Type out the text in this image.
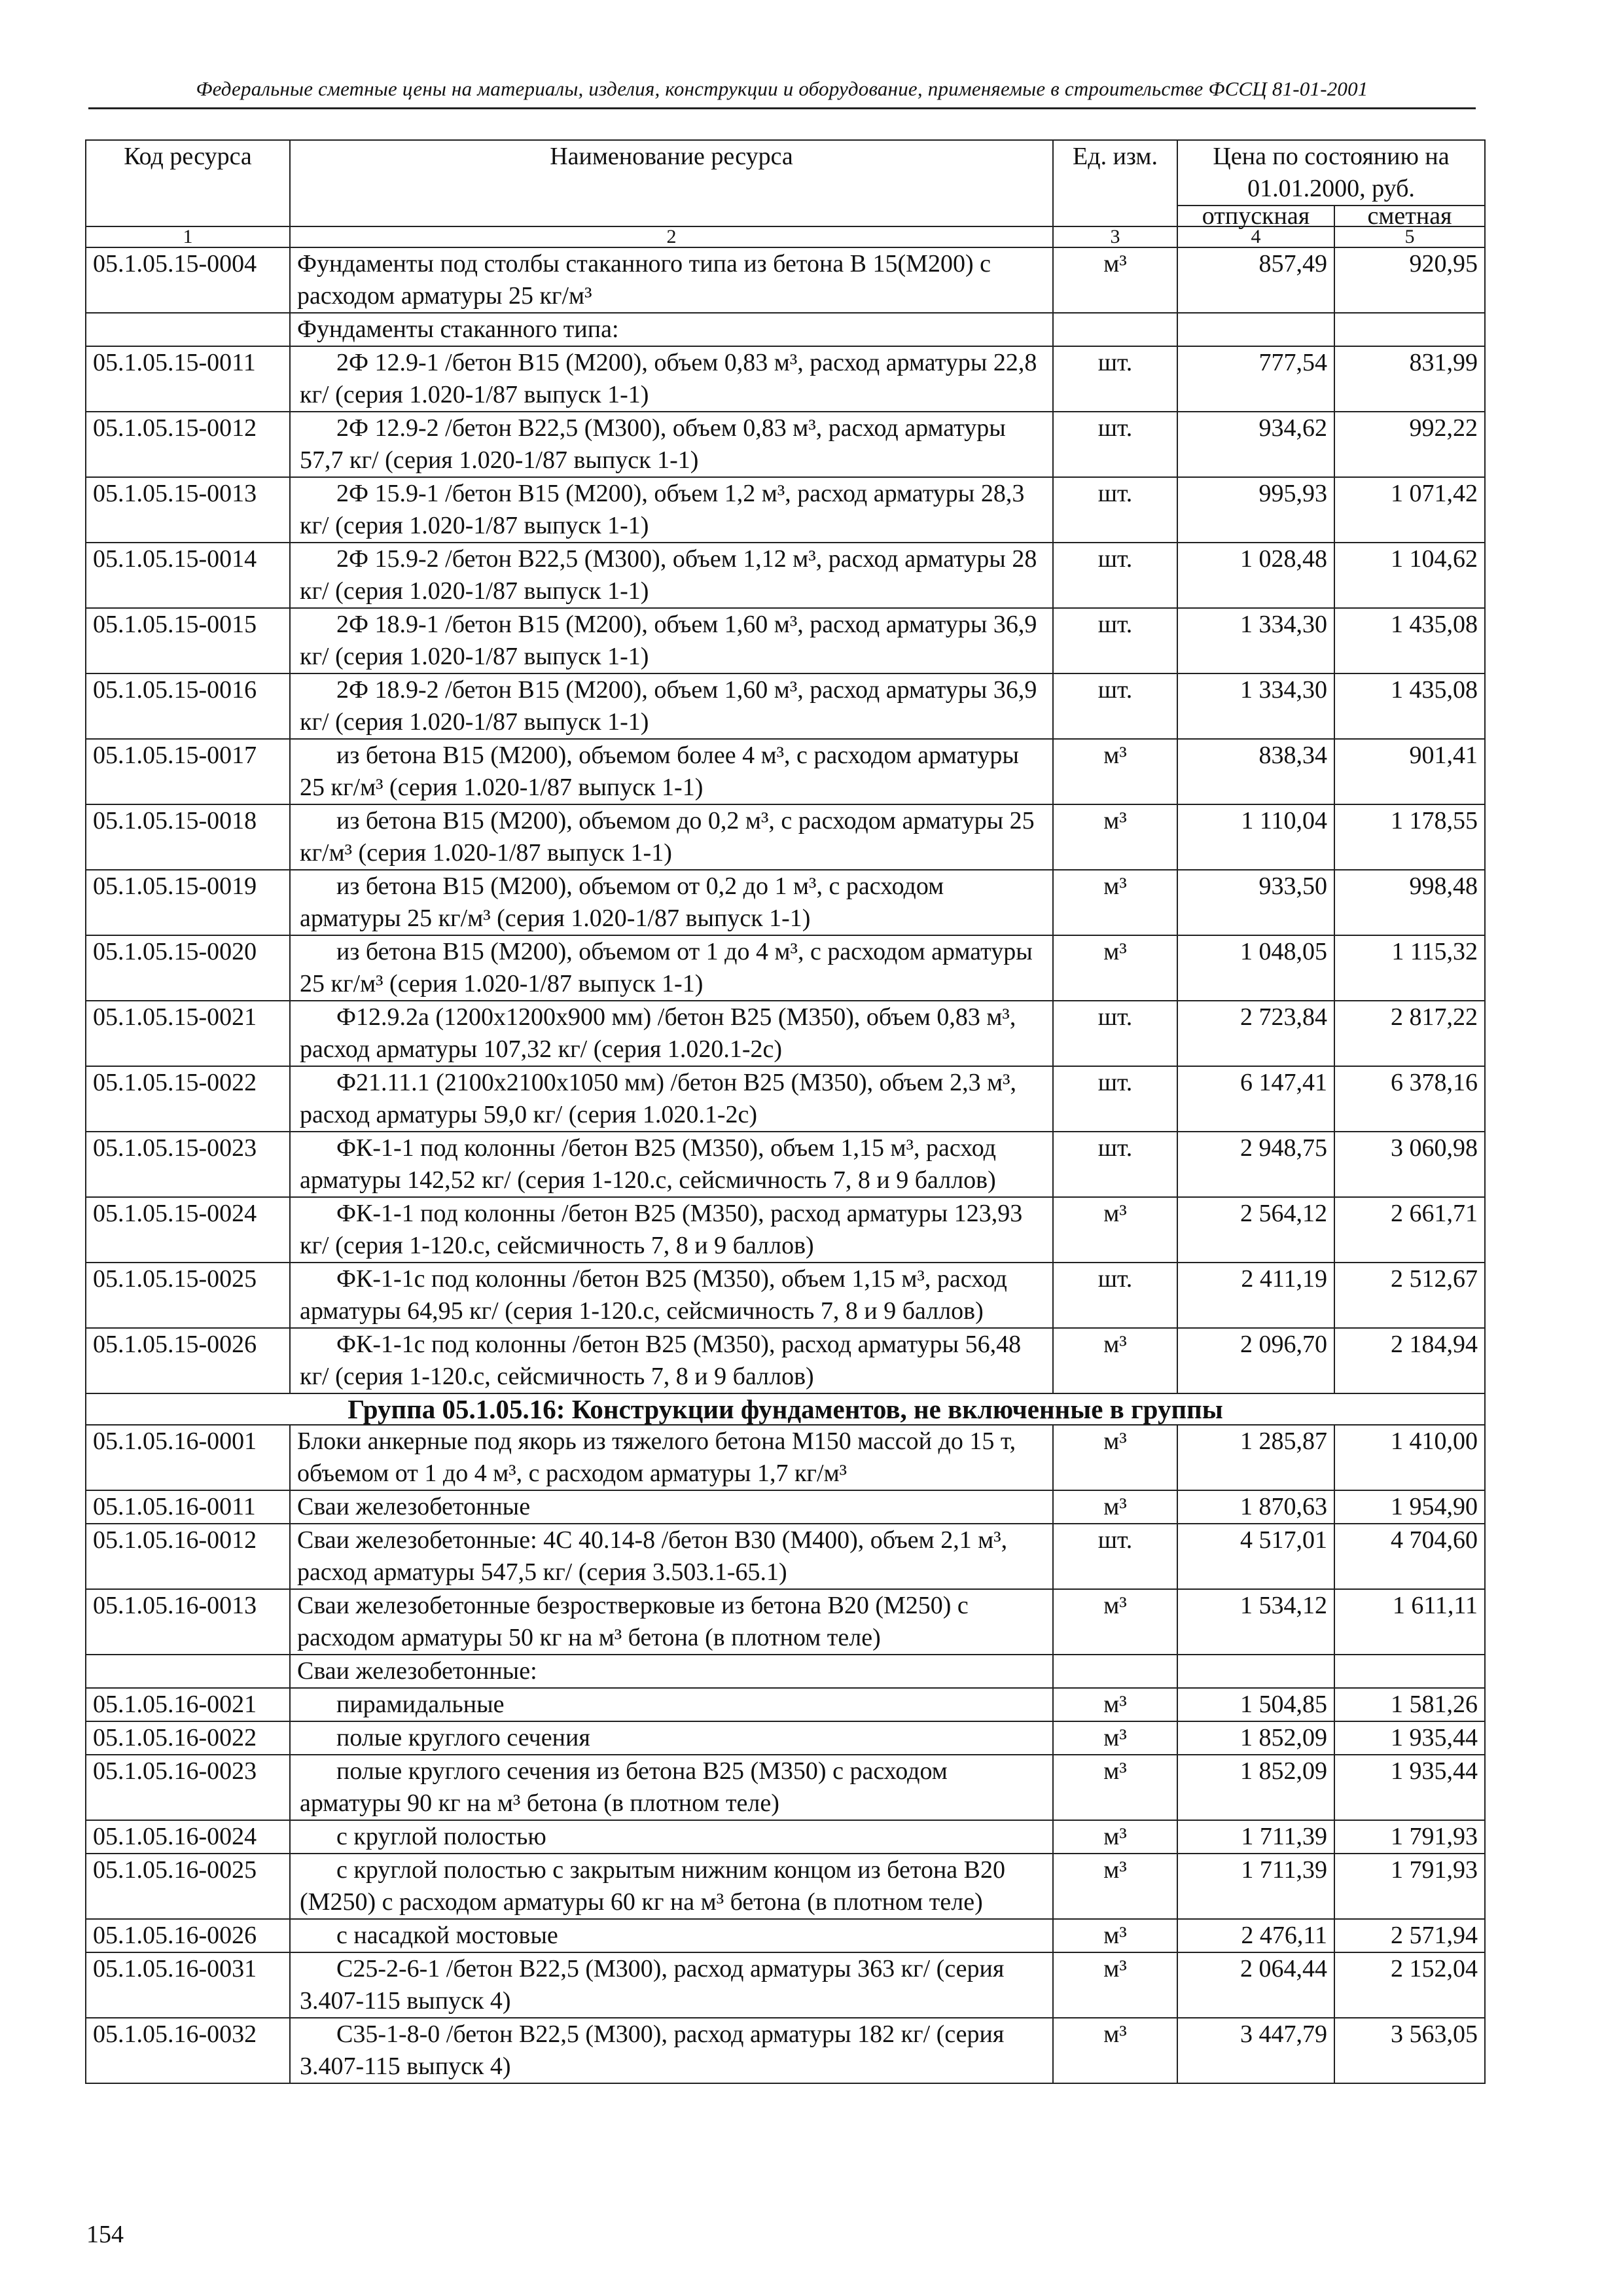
Федеральные сметные цены на материалы, изделия, конструкции и оборудование, применяемые в строительстве ФССЦ 81-01-2001
Код ресурса	Наименование ресурса	Ед. изм.	Цена по состоянию на 01.01.2000, руб.	
			отпускная	сметная
1	2	3	4	5
05.1.05.15-0004	Фундаменты под столбы стаканного типа из бетона В 15(М200) с расходом арматуры 25 кг/м³	м³	857,49	920,95
	Фундаменты стаканного типа:			
05.1.05.15-0011	2Ф 12.9-1 /бетон В15 (М200), объем 0,83 м³, расход арматуры 22,8 кг/ (серия 1.020-1/87 выпуск 1-1)	шт.	777,54	831,99
05.1.05.15-0012	2Ф 12.9-2 /бетон В22,5 (М300), объем 0,83 м³, расход арматуры 57,7 кг/ (серия 1.020-1/87 выпуск 1-1)	шт.	934,62	992,22
05.1.05.15-0013	2Ф 15.9-1 /бетон В15 (М200), объем 1,2 м³, расход арматуры 28,3 кг/ (серия 1.020-1/87 выпуск 1-1)	шт.	995,93	1 071,42
05.1.05.15-0014	2Ф 15.9-2 /бетон В22,5 (М300), объем 1,12 м³, расход арматуры 28 кг/ (серия 1.020-1/87 выпуск 1-1)	шт.	1 028,48	1 104,62
05.1.05.15-0015	2Ф 18.9-1 /бетон В15 (М200), объем 1,60 м³, расход арматуры 36,9 кг/ (серия 1.020-1/87 выпуск 1-1)	шт.	1 334,30	1 435,08
05.1.05.15-0016	2Ф 18.9-2 /бетон В15 (М200), объем 1,60 м³, расход арматуры 36,9 кг/ (серия 1.020-1/87 выпуск 1-1)	шт.	1 334,30	1 435,08
05.1.05.15-0017	из бетона В15 (М200), объемом более 4 м³, с расходом арматуры 25 кг/м³ (серия 1.020-1/87 выпуск 1-1)	м³	838,34	901,41
05.1.05.15-0018	из бетона В15 (М200), объемом до 0,2 м³, с расходом арматуры 25 кг/м³ (серия 1.020-1/87 выпуск 1-1)	м³	1 110,04	1 178,55
05.1.05.15-0019	из бетона В15 (М200), объемом от 0,2 до 1 м³, с расходом арматуры 25 кг/м³ (серия 1.020-1/87 выпуск 1-1)	м³	933,50	998,48
05.1.05.15-0020	из бетона В15 (М200), объемом от 1 до 4 м³, с расходом арматуры 25 кг/м³ (серия 1.020-1/87 выпуск 1-1)	м³	1 048,05	1 115,32
05.1.05.15-0021	Ф12.9.2а (1200x1200x900 мм) /бетон В25 (М350), объем 0,83 м³, расход арматуры 107,32 кг/ (серия 1.020.1-2с)	шт.	2 723,84	2 817,22
05.1.05.15-0022	Ф21.11.1 (2100x2100x1050 мм) /бетон В25 (М350), объем 2,3 м³, расход арматуры 59,0 кг/ (серия 1.020.1-2с)	шт.	6 147,41	6 378,16
05.1.05.15-0023	ФК-1-1 под колонны /бетон В25 (М350), объем 1,15 м³, расход арматуры 142,52 кг/ (серия 1-120.с, сейсмичность 7, 8 и 9 баллов)	шт.	2 948,75	3 060,98
05.1.05.15-0024	ФК-1-1 под колонны /бетон В25 (М350), расход арматуры 123,93 кг/ (серия 1-120.с, сейсмичность 7, 8 и 9 баллов)	м³	2 564,12	2 661,71
05.1.05.15-0025	ФК-1-1с под колонны /бетон В25 (М350), объем 1,15 м³, расход арматуры 64,95 кг/ (серия 1-120.с, сейсмичность 7, 8 и 9 баллов)	шт.	2 411,19	2 512,67
05.1.05.15-0026	ФК-1-1с под колонны /бетон В25 (М350), расход арматуры 56,48 кг/ (серия 1-120.с, сейсмичность 7, 8 и 9 баллов)	м³	2 096,70	2 184,94
Группа 05.1.05.16: Конструкции фундаментов, не включенные в группы				
05.1.05.16-0001	Блоки анкерные под якорь из тяжелого бетона М150 массой до 15 т, объемом от 1 до 4 м³, с расходом арматуры 1,7 кг/м³	м³	1 285,87	1 410,00
05.1.05.16-0011	Сваи железобетонные	м³	1 870,63	1 954,90
05.1.05.16-0012	Сваи железобетонные: 4С 40.14-8 /бетон В30 (М400), объем 2,1 м³, расход арматуры 547,5 кг/ (серия 3.503.1-65.1)	шт.	4 517,01	4 704,60
05.1.05.16-0013	Сваи железобетонные безростверковые из бетона В20 (М250) с расходом арматуры 50 кг на м³ бетона (в плотном теле)	м³	1 534,12	1 611,11
	Сваи железобетонные:			
05.1.05.16-0021	пирамидальные	м³	1 504,85	1 581,26
05.1.05.16-0022	полые круглого сечения	м³	1 852,09	1 935,44
05.1.05.16-0023	полые круглого сечения из бетона В25 (М350) с расходом арматуры 90 кг на м³ бетона (в плотном теле)	м³	1 852,09	1 935,44
05.1.05.16-0024	с круглой полостью	м³	1 711,39	1 791,93
05.1.05.16-0025	с круглой полостью с закрытым нижним концом из бетона В20 (М250) с расходом арматуры 60 кг на м³ бетона (в плотном теле)	м³	1 711,39	1 791,93
05.1.05.16-0026	с насадкой мостовые	м³	2 476,11	2 571,94
05.1.05.16-0031	С25-2-6-1 /бетон В22,5 (М300), расход арматуры 363 кг/ (серия 3.407-115 выпуск 4)	м³	2 064,44	2 152,04
05.1.05.16-0032	С35-1-8-0 /бетон В22,5 (М300), расход арматуры 182 кг/ (серия 3.407-115 выпуск 4)	м³	3 447,79	3 563,05
154
